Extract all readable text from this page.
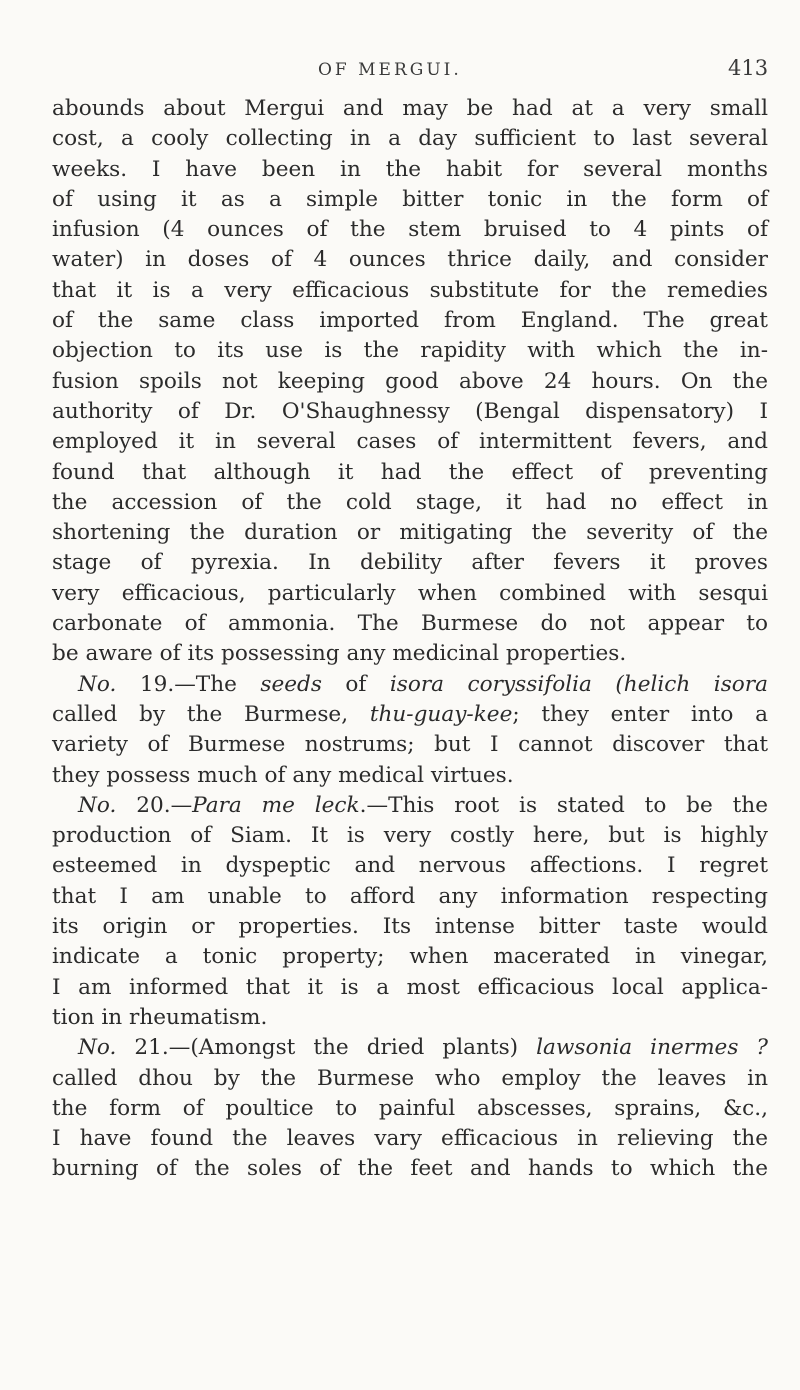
OF MERGUI.	413
abounds about Mergui and may be had at a very small
cost, a cooly collecting in a day sufficient to last several
weeks. I have been in the habit for several months
of using it as a simple bitter tonic in the form of
infusion (4 ounces of the stem bruised to 4 pints of
water) in doses of 4 ounces thrice daily, and consider
that it is a very efficacious substitute for the remedies
of the same class imported from England. The great
objection to its use is the rapidity with which the in-
fusion spoils not keeping good above 24 hours. On the
authority of Dr. O'Shaughnessy (Bengal dispensatory) I
employed it in several cases of intermittent fevers, and
found that although it had the effect of preventing
the accession of the cold stage, it had no effect in
shortening the duration or mitigating the severity of the
stage of pyrexia. In debility after fevers it proves
very efficacious, particularly when combined with sesqui
carbonate of ammonia. The Burmese do not appear to
be aware of its possessing any medicinal properties.
No. 19.—The seeds of isora coryssifolia (helich isora
called by the Burmese, thu-guay-kee; they enter into a
variety of Burmese nostrums; but I cannot discover that
they possess much of any medical virtues.
No. 20.—Para me leck.—This root is stated to be the
production of Siam. It is very costly here, but is highly
esteemed in dyspeptic and nervous affections. I regret
that I am unable to afford any information respecting
its origin or properties. Its intense bitter taste would
indicate a tonic property; when macerated in vinegar,
I am informed that it is a most efficacious local applica-
tion in rheumatism.
No. 21.—(Amongst the dried plants) lawsonia inermes ?
called dhou by the Burmese who employ the leaves in
the form of poultice to painful abscesses, sprains, &c.,
I have found the leaves vary efficacious in relieving the
burning of the soles of the feet and hands to which the
